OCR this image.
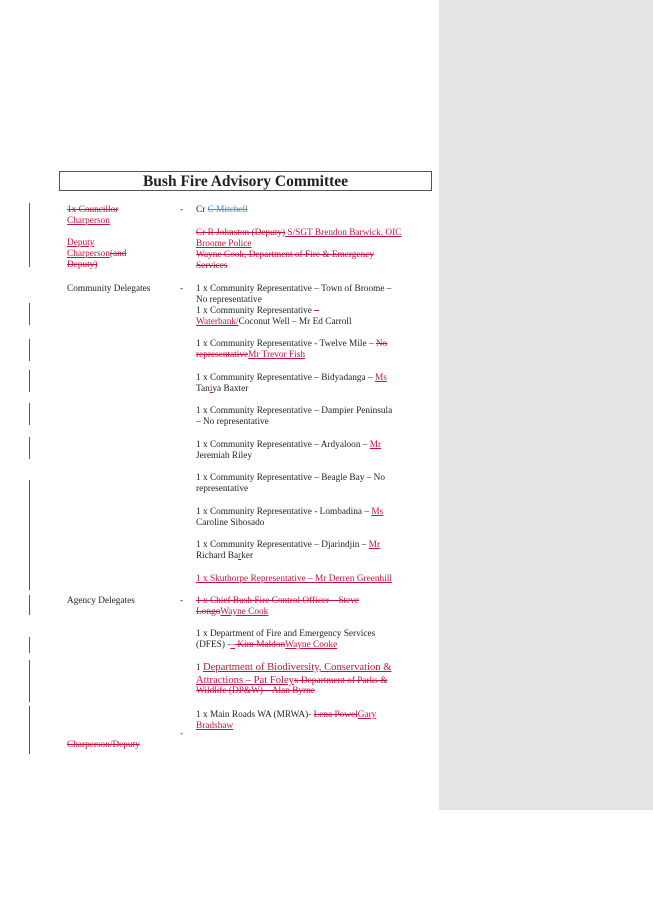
Bush Fire Advisory Committee
1x Councillor
Charperson
Deputy
Charperson(and
Deputy)
Community Delegates
Agency Delegates
Charperson/Deputy
-
-
-
Cr C Mitchell
Cr R Johnston (Deputy) S/SGT Brendon Barwick, OIC
Broome Police
Wayne Cook, Department of Fire & Emergency
Services
1 x Community Representative – Town of Broome –
No representative
1 x Community Representative –
Waterbank/Coconut Well – Mr Ed Carroll
1 x Community Representative - Twelve Mile – No
representativeMr Trevor Fish
1 x Community Representative – Bidyadanga – Ms
Taniya Baxter
1 x Community Representative – Dampier Peninsula
– No representative
1 x Community Representative – Ardyaloon – Mr
Jeremiah Riley
1 x Community Representative – Beagle Bay – No
representative
1 x Community Representative - Lombadina – Ms
Caroline Sibosado
1 x Community Representative – Djarindjin – Mr
Richard Barker
1 x Skuthorpe Representative – Mr Derren Greenhill
1 x Chief Bush Fire Control Officer – Steve
LongoWayne Cook
1 x Department of Fire and Emergency Services
(DFES) -– Kim MaldonWayne Cooke
1 Department of Biodiversity, Conservation &
Attractions – Pat Foleyx Department of Parks &
Wildlife (DP&W) – Alan Byrne
1 x Main Roads WA (MRWA)- Lena PowelGary
Bradshaw
-
